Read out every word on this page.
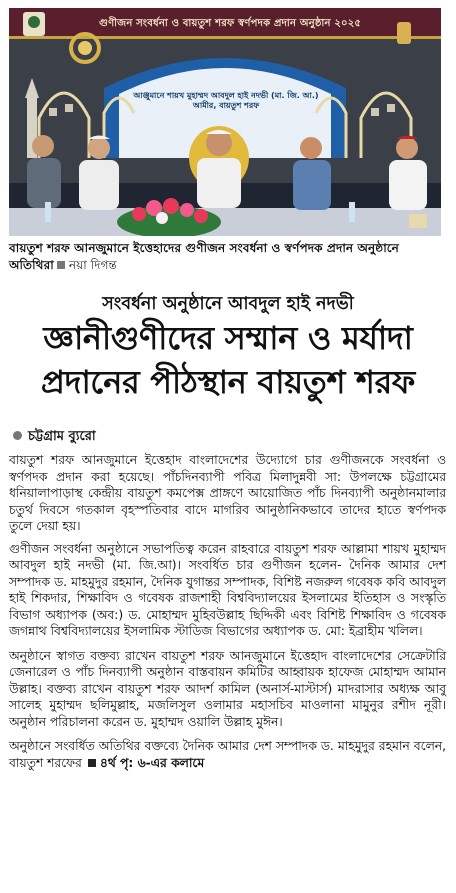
গুণীজন সংবর্ধনা ও বায়তুশ শরফ স্বর্ণপদক প্রদান অনুষ্ঠান ২০২৫
আঞ্জুমানে শায়খ মুহাম্মদ আবদুল হাই নদভী (মা. জি. আ.)
আমীর, বায়তুশ শরফ
বায়তুশ শরফ আনজুমানে ইত্তেহাদের গুণীজন সংবর্ধনা ও স্বর্ণপদক প্রদান অনুষ্ঠানে অতিথিরা নয়া দিগন্ত
সংবর্ধনা অনুষ্ঠানে আবদুল হাই নদভী
জ্ঞানীগুণীদের সম্মান ও মর্যাদা
প্রদানের পীঠস্থান বায়তুশ শরফ
চট্টগ্রাম ব্যুরো

বায়তুশ শরফ আনজুমানে ইত্তেহাদ বাংলাদেশের উদ্যোগে চার গুণীজনকে সংবর্ধনা ও স্বর্ণপদক প্রদান করা হয়েছে। পাঁচদিনব্যাপী পবিত্র মিলাদুন্নবী সা: উপলক্ষে চট্টগ্রামের ধনিয়ালাপাড়াস্থ কেন্দ্রীয় বায়তুশ কমপেক্স প্রাঙ্গণে আয়োজিত পাঁচ দিনব্যাপী অনুষ্ঠানমালার চতুর্থ দিবসে গতকাল বৃহস্পতিবার বাদে মাগরিব আনুষ্ঠানিকভাবে তাদের হাতে স্বর্ণপদক তুলে দেয়া হয়।

গুণীজন সংবর্ধনা অনুষ্ঠানে সভাপতিত্ব করেন রাহবারে বায়তুশ শরফ আল্লামা শায়খ মুহাম্মদ আবদুল হাই নদভী (মা. জি.আ)। সংবর্ধিত চার গুণীজন হলেন- দৈনিক আমার দেশ সম্পাদক ড. মাহমুদুর রহমান, দৈনিক যুগান্তর সম্পাদক, বিশিষ্ট নজরুল গবেষক কবি আবদুল হাই শিকদার, শিক্ষাবিদ ও গবেষক রাজশাহী বিশ্ববিদ্যালয়ের ইসলামের ইতিহাস ও সংস্কৃতি বিভাগ অধ্যাপক (অব:) ড. মোহাম্মদ মুহিবউল্লাহ ছিদ্দিকী এবং বিশিষ্ট শিক্ষাবিদ ও গবেষক জগন্নাথ বিশ্ববিদ্যালয়ের ইসলামিক স্টাডিজ বিভাগের অধ্যাপক ড. মো: ইব্রাহীম খলিল।

অনুষ্ঠানে স্বাগত বক্তব্য রাখেন বায়তুশ শরফ আনজুমানে ইত্তেহাদ বাংলাদেশের সেক্রেটারি জেনারেল ও পাঁচ দিনব্যাপী অনুষ্ঠান বাস্তবায়ন কমিটির আহ্বায়ক হাফেজ মোহাম্মদ আমান উল্লাহ। বক্তব্য রাখেন বায়তুশ শরফ আদর্শ কামিল (অনার্স-মাস্টার্স) মাদরাসার অধ্যক্ষ আবু সালেহ মুহাম্মদ ছলিমুল্লাহ, মজলিসুল ওলামার মহাসচিব মাওলানা মামুনুর রশীদ নূরী। অনুষ্ঠান পরিচালনা করেন ড. মুহাম্মদ ওয়ালি উল্লাহ মুঈন।

অনুষ্ঠানে সংবর্ধিত অতিথির বক্তব্যে দৈনিক আমার দেশ সম্পাদক ড. মাহমুদুর রহমান বলেন, বায়তুশ শরফের ৪র্থ পৃ: ৬-এর কলামে
